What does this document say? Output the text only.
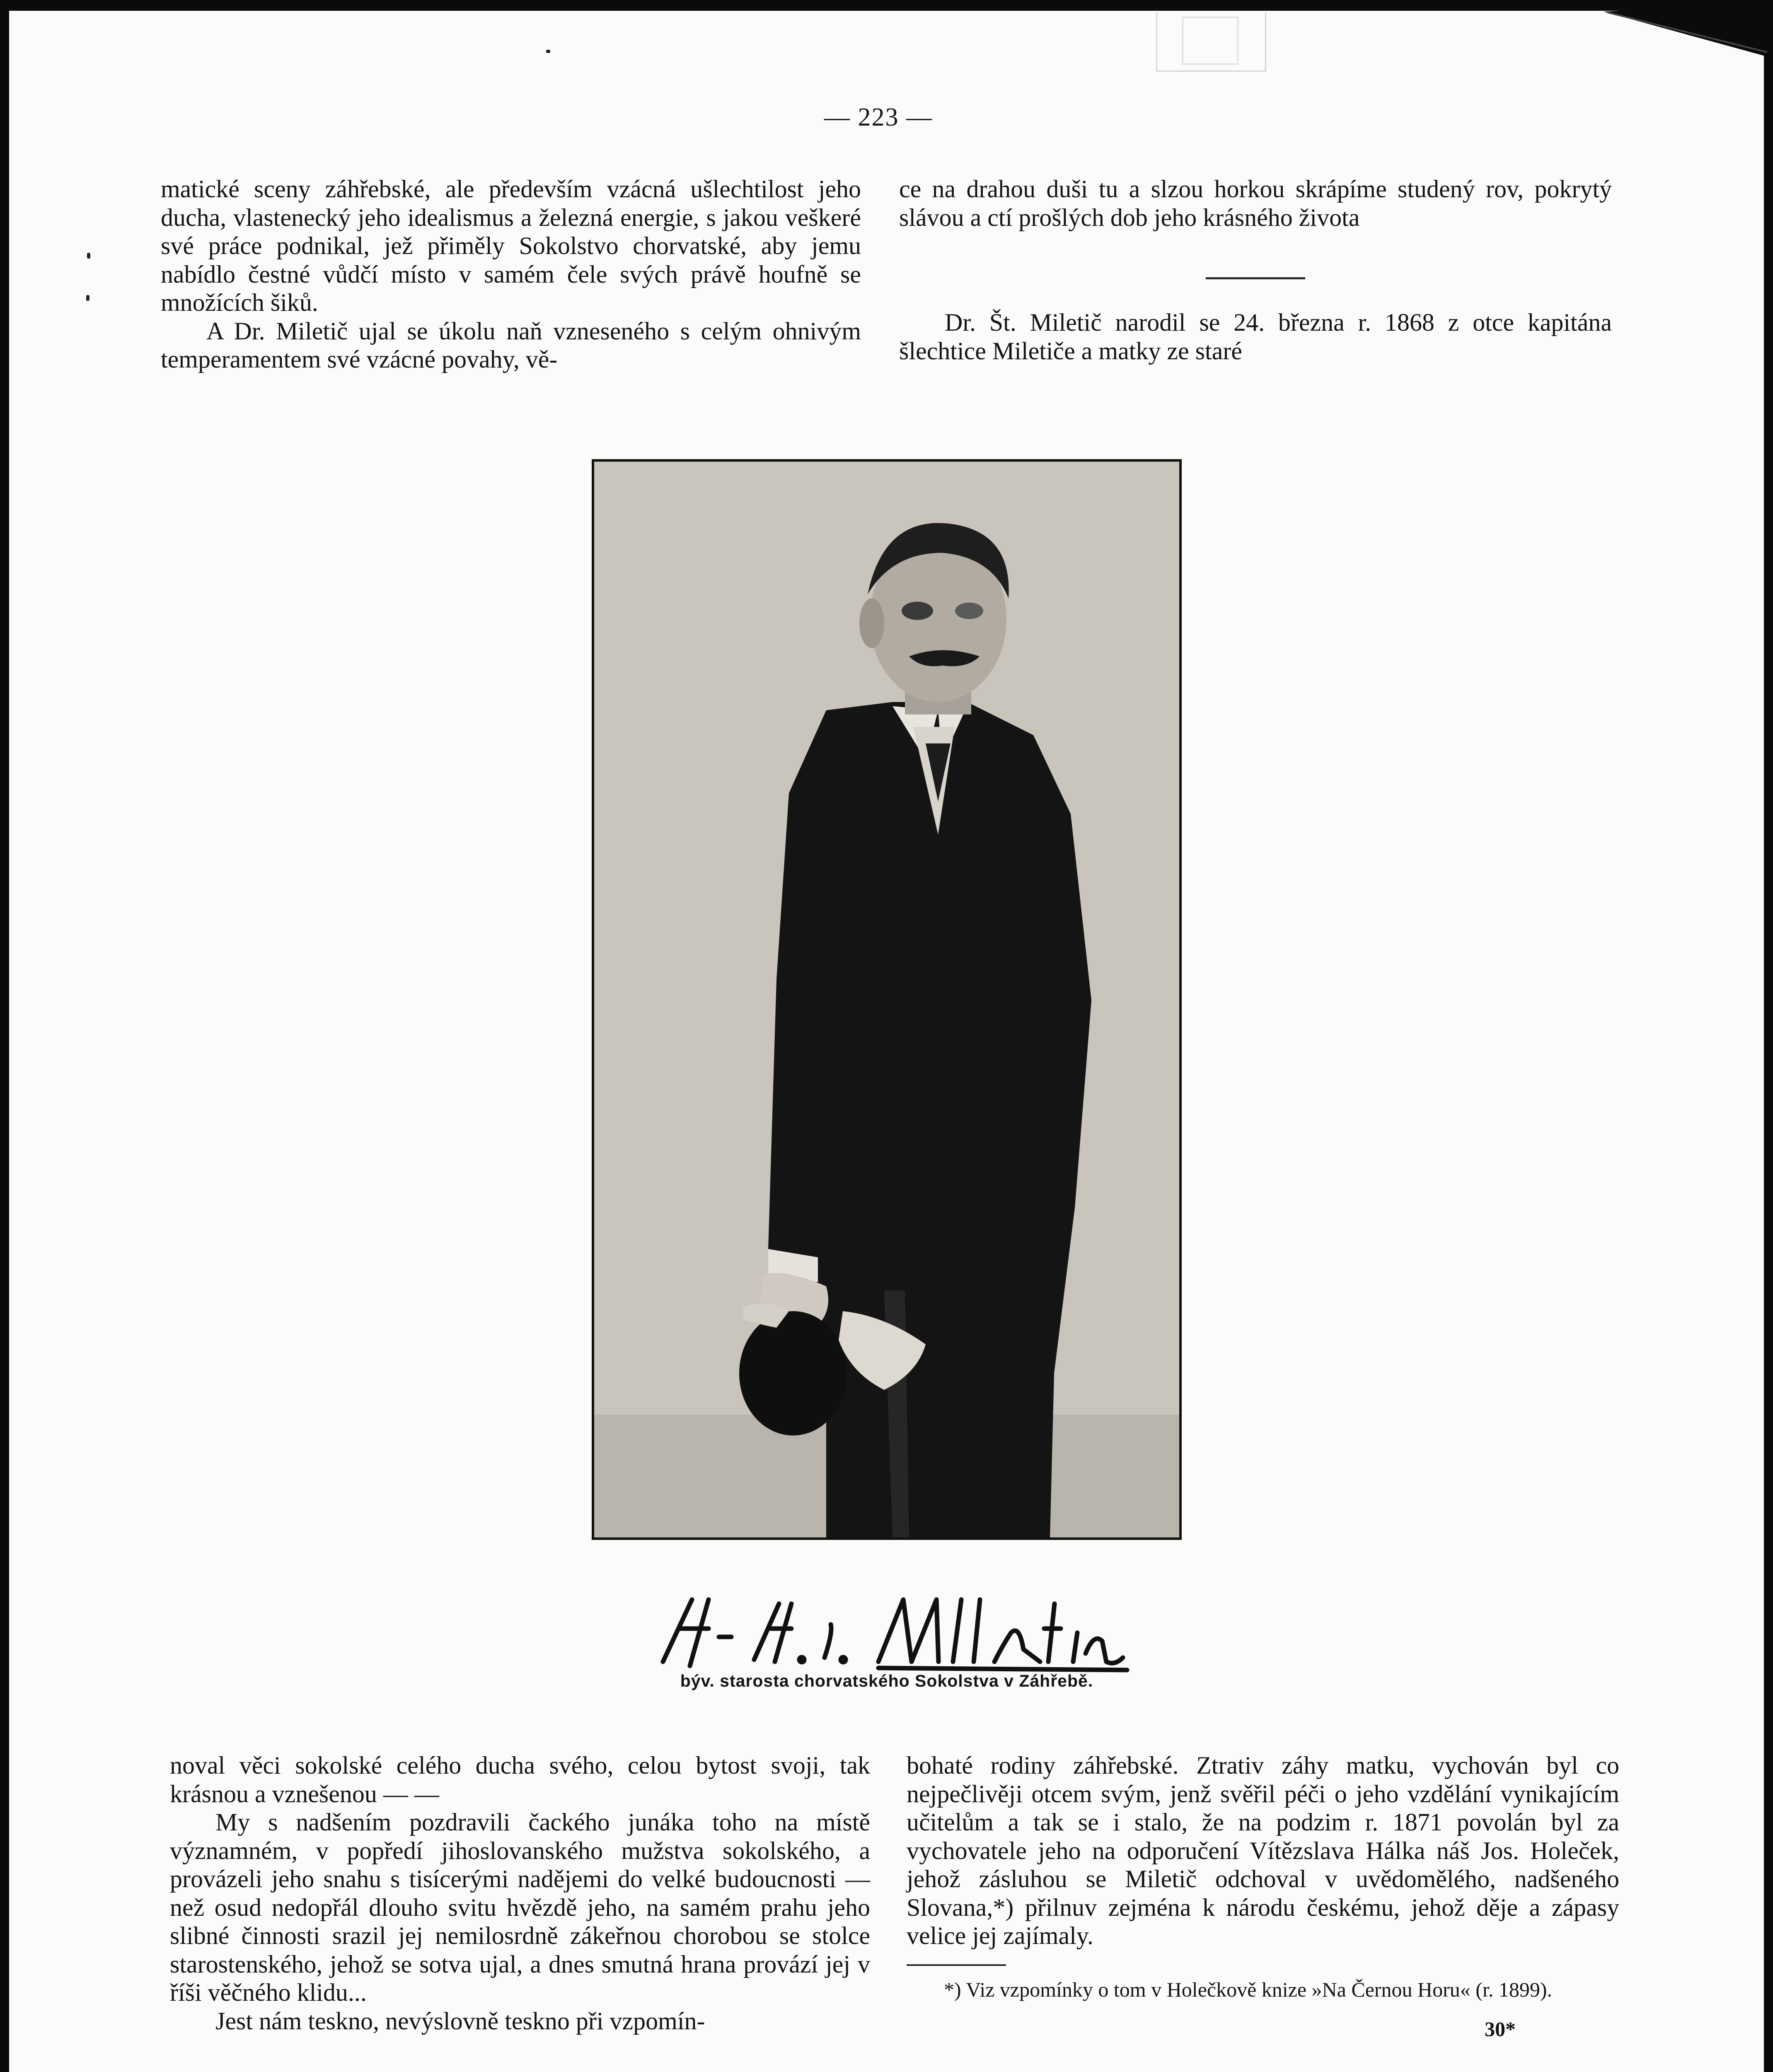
— 223 —

matické sceny záhřebské, ale především vzácná ušlechtilost jeho ducha, vlastenecký jeho idealismus a železná energie, s jakou veškeré své práce podnikal, jež přiměly Sokolstvo chorvatské, aby jemu nabídlo čestné vůdčí místo v samém čele svých právě houfně se množících šiků.

A Dr. Miletič ujal se úkolu naň vzneseného s celým ohnivým temperamentem své vzácné povahy, vě-

ce na drahou duši tu a slzou horkou skrápíme studený rov, pokrytý slávou a ctí prošlých dob jeho krásného života

Dr. Št. Miletič narodil se 24. března r. 1868 z otce kapitána šlechtice Miletiče a matky ze staré

býv. starosta chorvatského Sokolstva v Záhřebě.

noval věci sokolské celého ducha svého, celou bytost svoji, tak krásnou a vznešenou — —

My s nadšením pozdravili čackého junáka toho na místě významném, v popředí jihoslovanského mužstva sokolského, a provázeli jeho snahu s tisícerými nadějemi do velké budoucnosti — než osud nedopřál dlouho svitu hvězdě jeho, na samém prahu jeho slibné činnosti srazil jej nemilosrdně zákeřnou chorobou se stolce starostenského, jehož se sotva ujal, a dnes smutná hrana provází jej v říši věčného klidu...

Jest nám teskno, nevýslovně teskno při vzpomín-

bohaté rodiny záhřebské. Ztrativ záhy matku, vychován byl co nejpečlivěji otcem svým, jenž svěřil péči o jeho vzdělání vynikajícím učitelům a tak se i stalo, že na podzim r. 1871 povolán byl za vychovatele jeho na odporučení Vítězslava Hálka náš Jos. Holeček, jehož zásluhou se Miletič odchoval v uvědomělého, nadšeného Slovana,*) přilnuv zejména k národu českému, jehož děje a zápasy velice jej zajímaly.

*) Viz vzpomínky o tom v Holečkově knize »Na Černou Horu« (r. 1899).

30*
